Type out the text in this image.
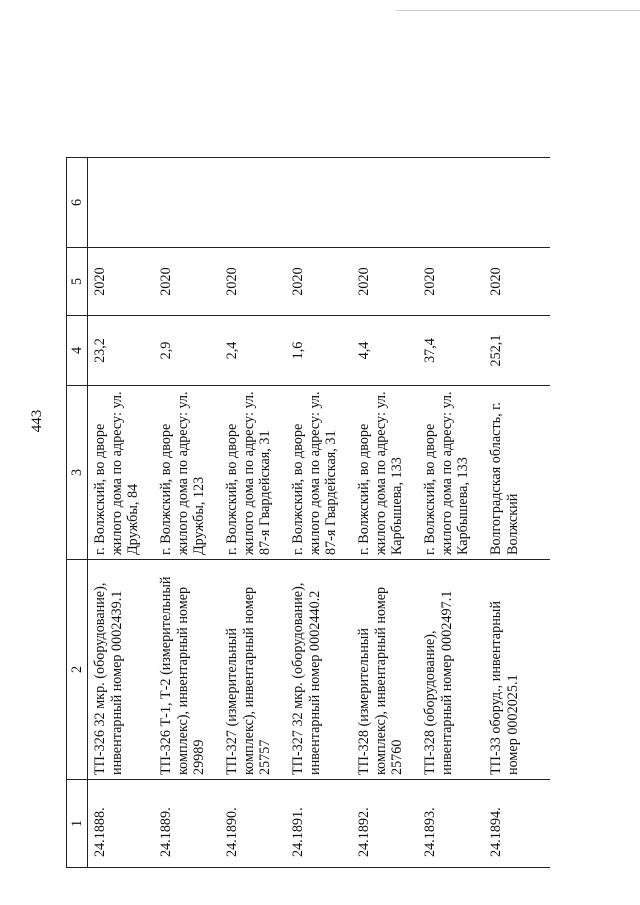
443
1	2	3	4	5	6
24.1888.	ТП-326 32 мкр. (оборудование), инвентарный номер 0002439.1	г. Волжский, во дворе жилого дома по адресу: ул. Дружбы, 84	23,2	2020	
24.1889.	ТП-326 Т-1, Т-2 (измерительный комплекс), инвентарный номер 29989	г. Волжский, во дворе жилого дома по адресу: ул. Дружбы, 123	2,9	2020	
24.1890.	ТП-327 (измерительный комплекс), инвентарный номер 25757	г. Волжский, во дворе жилого дома по адресу: ул. 87-я Гвардейская, 31	2,4	2020	
24.1891.	ТП-327 32 мкр. (оборудование), инвентарный номер 0002440.2	г. Волжский, во дворе жилого дома по адресу: ул. 87-я Гвардейская, 31	1,6	2020	
24.1892.	ТП-328 (измерительный комплекс), инвентарный номер 25760	г. Волжский, во дворе жилого дома по адресу: ул. Карбышева, 133	4,4	2020	
24.1893.	ТП-328 (оборудование), инвентарный номер 0002497.1	г. Волжский, во дворе жилого дома по адресу: ул. Карбышева, 133	37,4	2020	
24.1894.	ТП-33 оборуд., инвентарный номер 0002025.1	Волгоградская область, г. Волжский	252,1	2020	
